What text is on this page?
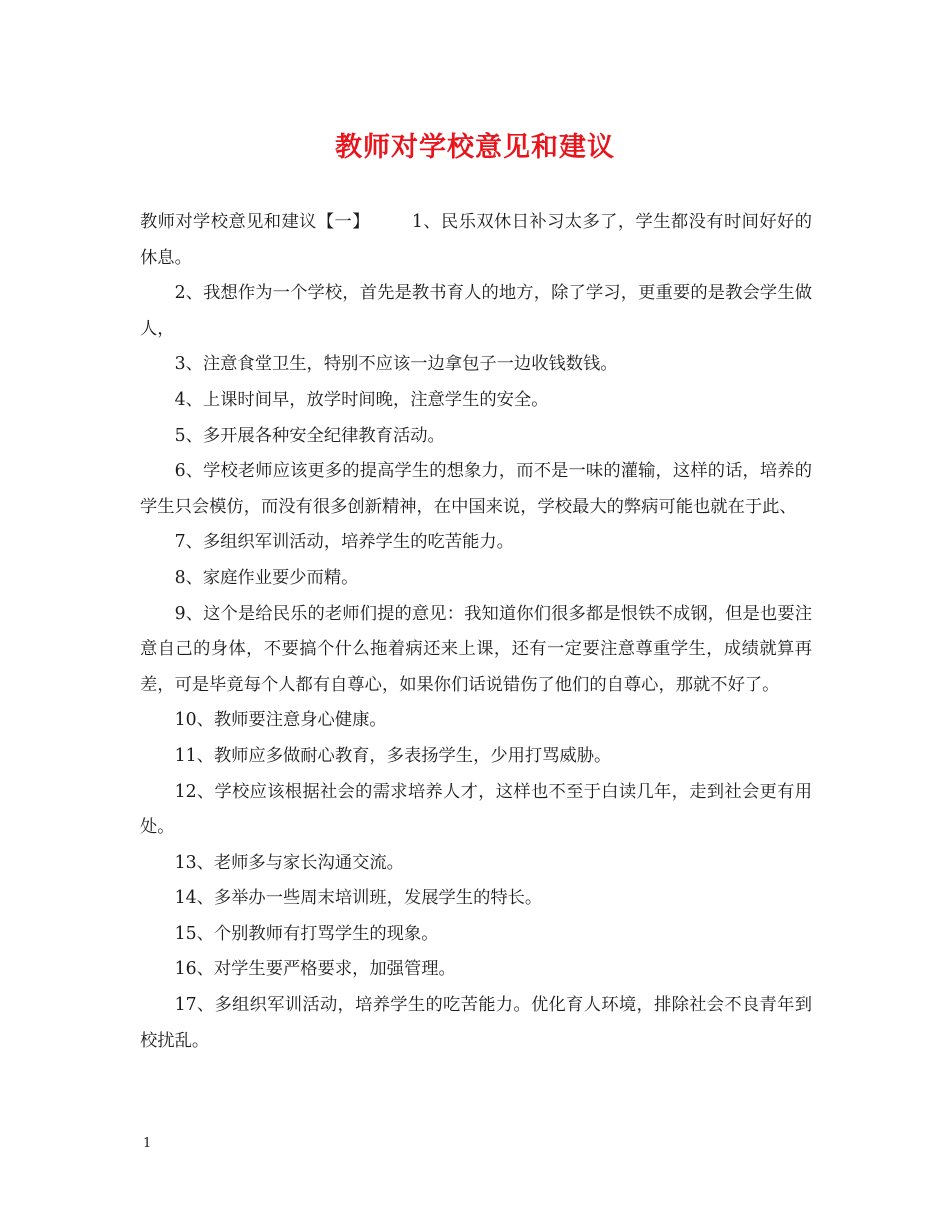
教师对学校意见和建议

教师对学校意见和建议【一】 1、民乐双休日补习太多了，学生都没有时间好好的休息。

2、我想作为一个学校，首先是教书育人的地方，除了学习，更重要的是教会学生做人，

3、注意食堂卫生，特别不应该一边拿包子一边收钱数钱。

4、上课时间早，放学时间晚，注意学生的安全。

5、多开展各种安全纪律教育活动。

6、学校老师应该更多的提高学生的想象力，而不是一味的灌输，这样的话，培养的学生只会模仿，而没有很多创新精神，在中国来说，学校最大的弊病可能也就在于此、

7、多组织军训活动，培养学生的吃苦能力。

8、家庭作业要少而精。

9、这个是给民乐的老师们提的意见：我知道你们很多都是恨铁不成钢，但是也要注意自己的身体，不要搞个什么拖着病还来上课，还有一定要注意尊重学生，成绩就算再差，可是毕竟每个人都有自尊心，如果你们话说错伤了他们的自尊心，那就不好了。

10、教师要注意身心健康。

11、教师应多做耐心教育，多表扬学生，少用打骂威胁。

12、学校应该根据社会的需求培养人才，这样也不至于白读几年，走到社会更有用处。

13、老师多与家长沟通交流。

14、多举办一些周末培训班，发展学生的特长。

15、个别教师有打骂学生的现象。

16、对学生要严格要求，加强管理。

17、多组织军训活动，培养学生的吃苦能力。优化育人环境，排除社会不良青年到校扰乱。

1
